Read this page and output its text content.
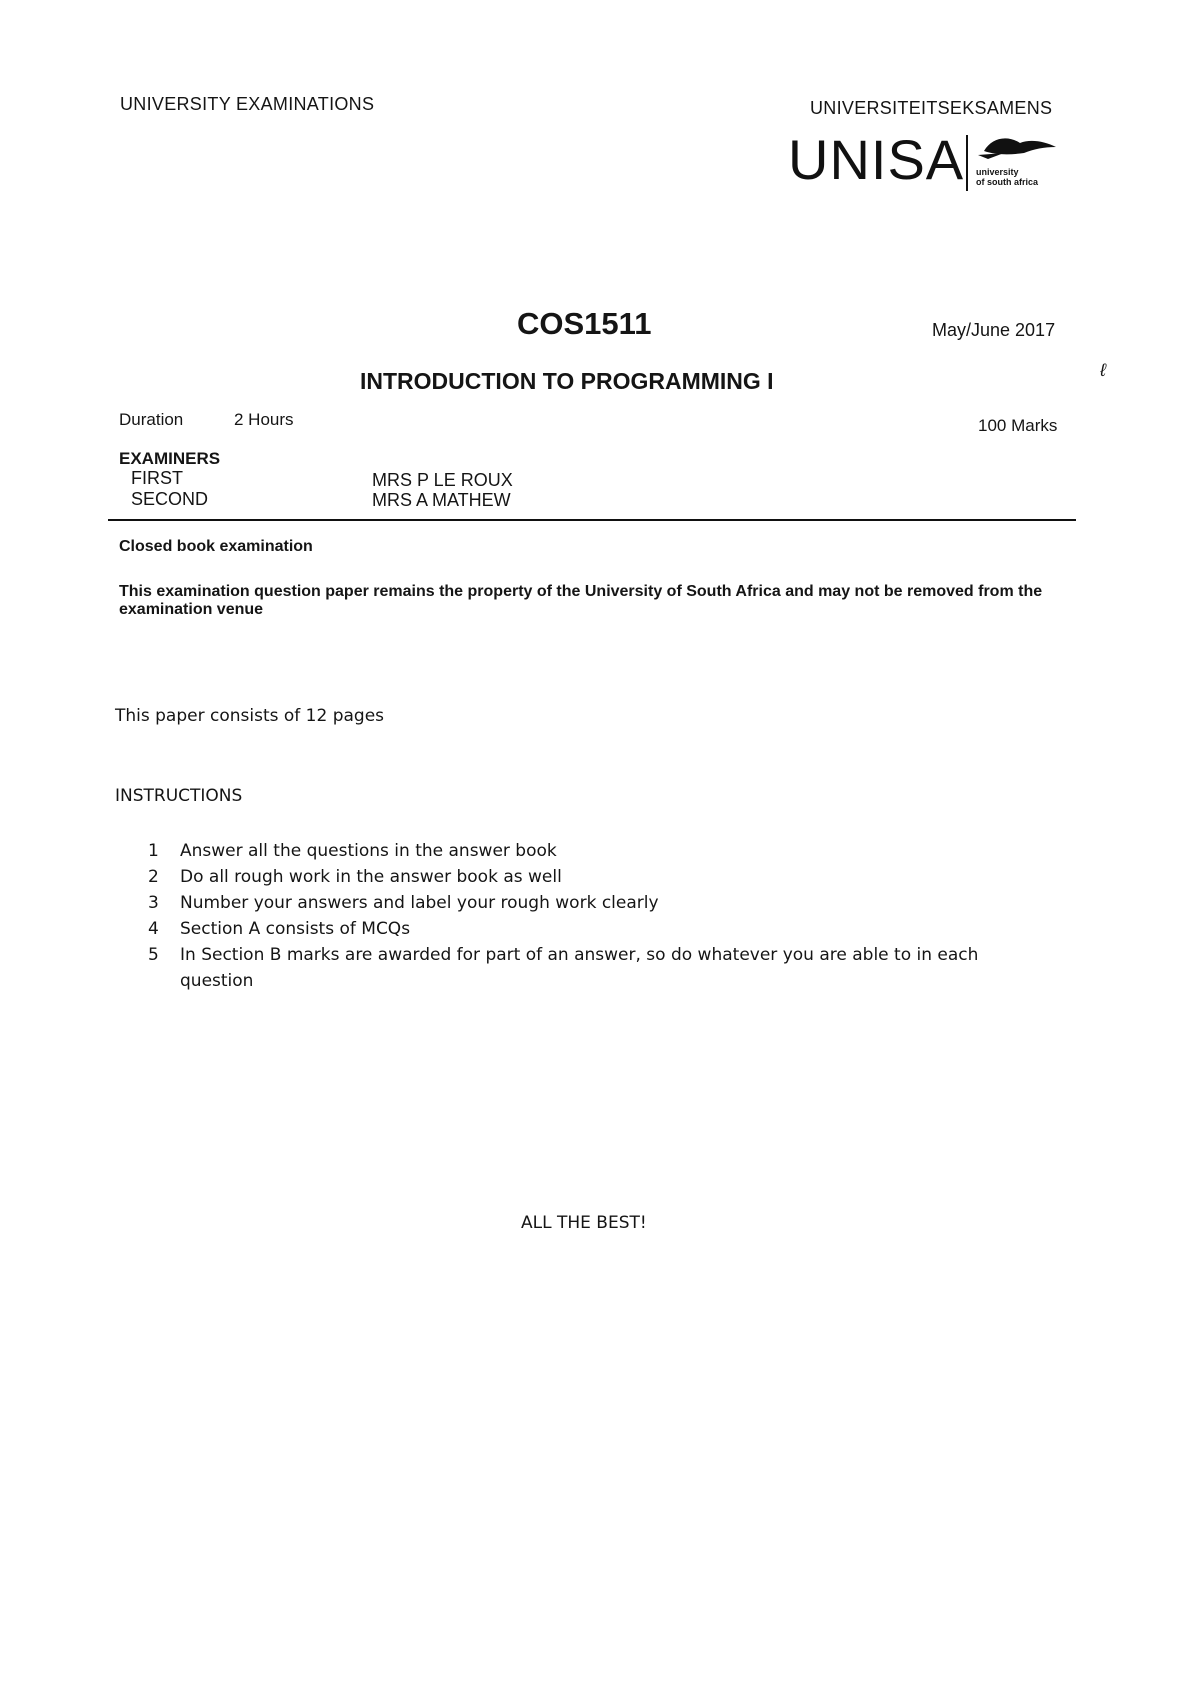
UNIVERSITY EXAMINATIONS	UNIVERSITEITSEKSAMENS
UNISA university
of south africa
COS1511	May/June 2017
INTRODUCTION TO PROGRAMMING I	ℓ
Duration	2 Hours	100 Marks
EXAMINERS
FIRST	MRS P LE ROUX
SECOND	MRS A MATHEW
Closed book examination
This examination question paper remains the property of the University of South Africa and may not be removed from the examination venue
This paper consists of 12 pages
INSTRUCTIONS
1 Answer all the questions in the answer book
2 Do all rough work in the answer book as well
3 Number your answers and label your rough work clearly
4 Section A consists of MCQs
5 In Section B marks are awarded for part of an answer, so do whatever you are able to in each question
ALL THE BEST!
